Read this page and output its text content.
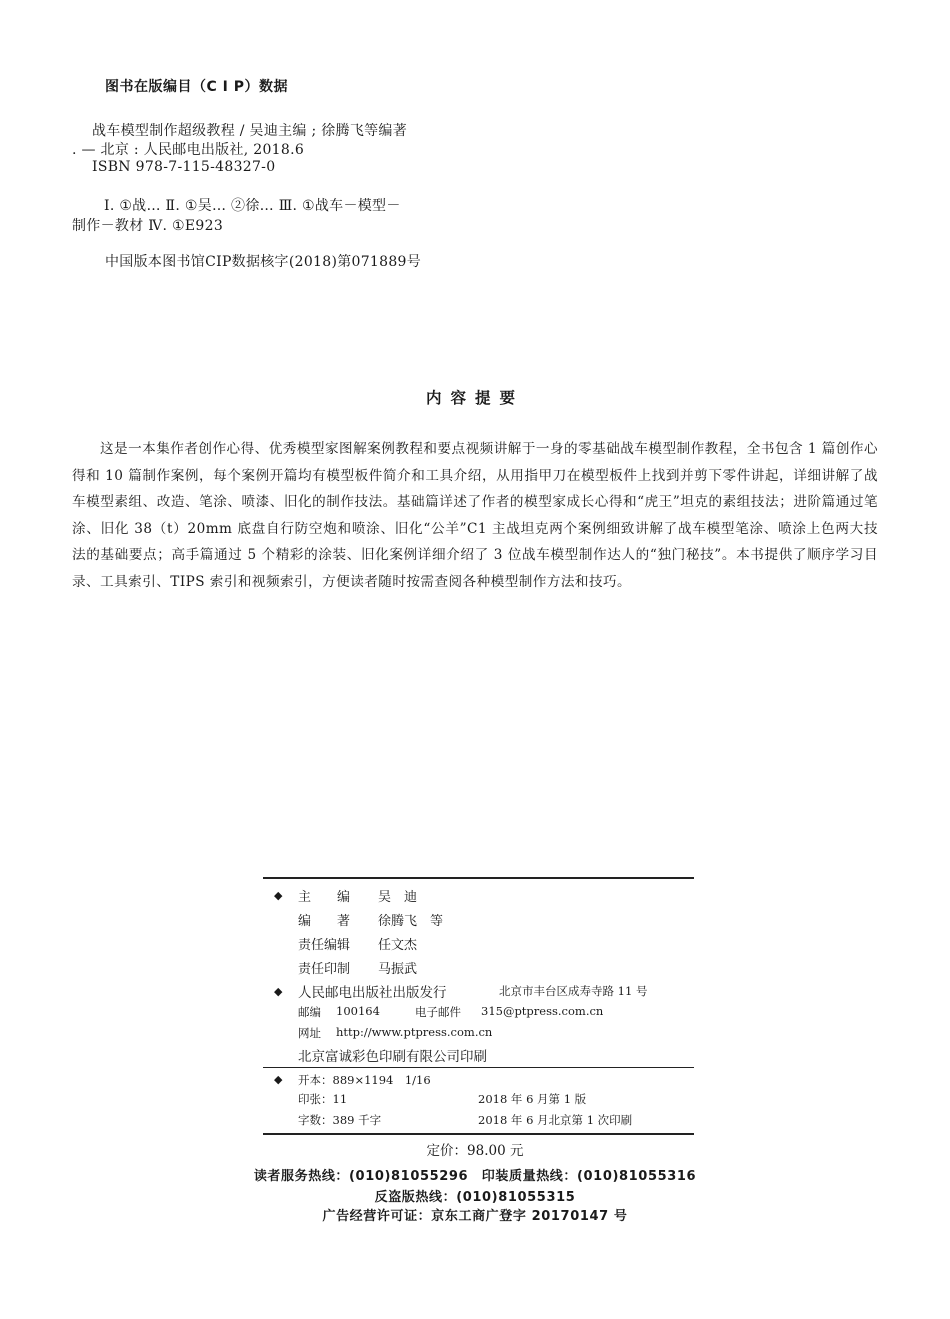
图书在版编目（C I P）数据
战车模型制作超级教程 / 吴迪主编 ; 徐腾飞等编著
. — 北京 : 人民邮电出版社, 2018.6
ISBN 978-7-115-48327-0
Ⅰ. ①战… Ⅱ. ①吴… ②徐… Ⅲ. ①战车－模型－
制作－教材 Ⅳ. ①E923
中国版本图书馆CIP数据核字(2018)第071889号
内容提要
这是一本集作者创作心得、优秀模型家图解案例教程和要点视频讲解于一身的零基础战车模型制作教程，全书包含 1 篇创作心得和 10 篇制作案例，每个案例开篇均有模型板件简介和工具介绍，从用指甲刀在模型板件上找到并剪下零件讲起，详细讲解了战车模型素组、改造、笔涂、喷漆、旧化的制作技法。基础篇详述了作者的模型家成长心得和“虎王”坦克的素组技法；进阶篇通过笔涂、旧化 38（t）20mm 底盘自行防空炮和喷涂、旧化“公羊”C1 主战坦克两个案例细致讲解了战车模型笔涂、喷涂上色两大技法的基础要点；高手篇通过 5 个精彩的涂装、旧化案例详细介绍了 3 位战车模型制作达人的“独门秘技”。本书提供了顺序学习目录、工具索引、TIPS 索引和视频索引，方便读者随时按需查阅各种模型制作方法和技巧。
◆ 主　　编 吴　迪
编　　著 徐腾飞　等
责任编辑 任文杰
责任印制 马振武
◆ 人民邮电出版社出版发行	北京市丰台区成寿寺路 11 号
邮编 100164	电子邮件 315@ptpress.com.cn
网址 http://www.ptpress.com.cn
北京富诚彩色印刷有限公司印刷
◆ 开本：889×1194　1/16
印张：11	2018 年 6 月第 1 版
字数：389 千字	2018 年 6 月北京第 1 次印刷
定价：98.00 元
读者服务热线：(010)81055296　印装质量热线：(010)81055316
反盗版热线：(010)81055315
广告经营许可证：京东工商广登字 20170147 号
